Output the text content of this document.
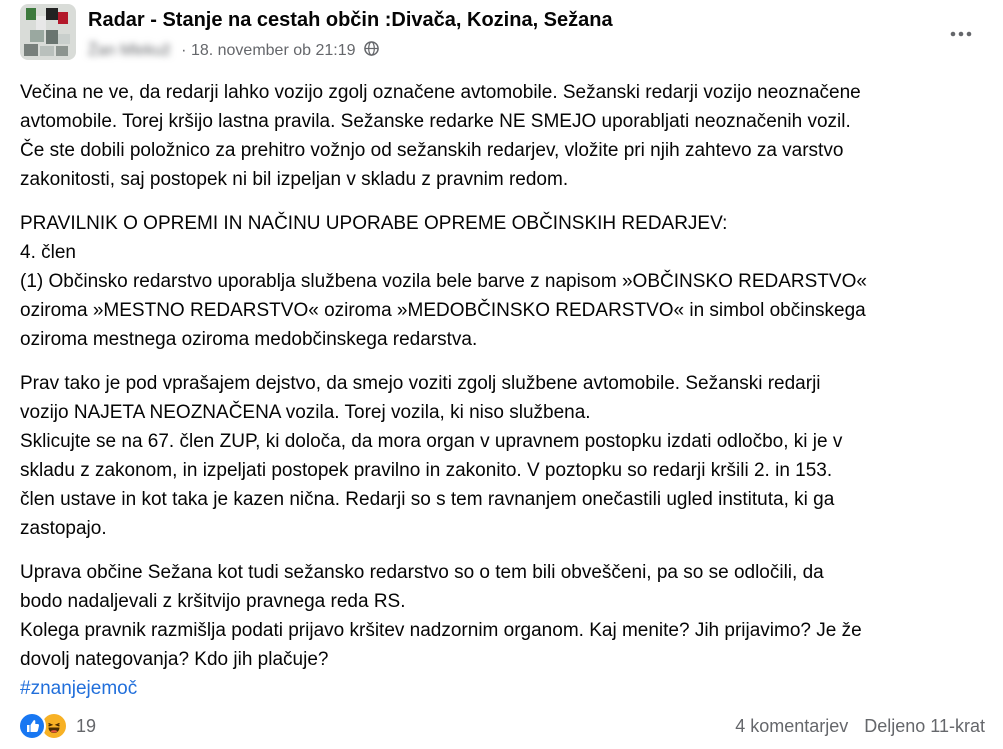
Radar - Stanje na cestah občin :Divača, Kozina, Sežana
Žan Mlekuž · 18. november ob 21:19
Večina ne ve, da redarji lahko vozijo zgolj označene avtomobile. Sežanski redarji vozijo neoznačene
avtomobile. Torej kršijo lastna pravila. Sežanske redarke NE SMEJO uporabljati neoznačenih vozil.
Če ste dobili položnico za prehitro vožnjo od sežanskih redarjev, vložite pri njih zahtevo za varstvo
zakonitosti, saj postopek ni bil izpeljan v skladu z pravnim redom.
PRAVILNIK O OPREMI IN NAČINU UPORABE OPREME OBČINSKIH REDARJEV:
4. člen
(1) Občinsko redarstvo uporablja službena vozila bele barve z napisom »OBČINSKO REDARSTVO«
oziroma »MESTNO REDARSTVO« oziroma »MEDOBČINSKO REDARSTVO« in simbol občinskega
oziroma mestnega oziroma medobčinskega redarstva.
Prav tako je pod vprašajem dejstvo, da smejo voziti zgolj službene avtomobile. Sežanski redarji
vozijo NAJETA NEOZNAČENA vozila. Torej vozila, ki niso službena.
Sklicujte se na 67. člen ZUP, ki določa, da mora organ v upravnem postopku izdati odločbo, ki je v
skladu z zakonom, in izpeljati postopek pravilno in zakonito. V poztopku so redarji kršili 2. in 153.
člen ustave in kot taka je kazen nična. Redarji so s tem ravnanjem onečastili ugled instituta, ki ga
zastopajo.
Uprava občine Sežana kot tudi sežansko redarstvo so o tem bili obveščeni, pa so se odločili, da
bodo nadaljevali z kršitvijo pravnega reda RS.
Kolega pravnik razmišlja podati prijavo kršitev nadzornim organom. Kaj menite? Jih prijavimo? Je že
dovolj nategovanja? Kdo jih plačuje?
#znanjejemoč
19	4 komentarjev Deljeno 11-krat
